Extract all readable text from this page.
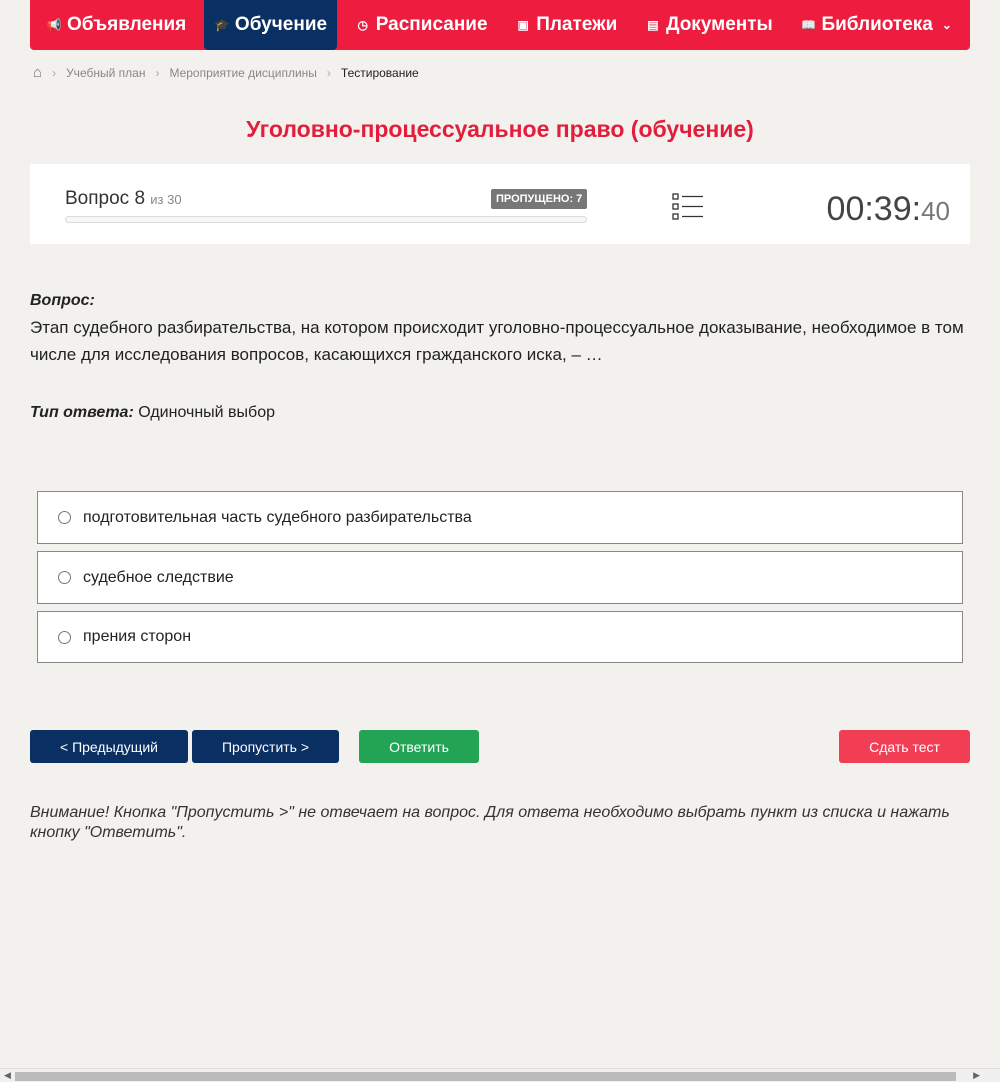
📢 Объявления 🎓 Обучение	◷ Расписание ▣ Платежи ▤ Документы 📖 Библиотека ⌄
⌂ › Учебный план › Мероприятие дисциплины › Тестирование
Уголовно-процессуальное право (обучение)
Вопрос 8 из 30	ПРОПУЩЕНО: 7	00:39:40
Вопрос:
Этап судебного разбирательства, на котором происходит уголовно-процессуальное доказывание, необходимое в том числе для исследования вопросов, касающихся гражданского иска, – …
Тип ответа: Одиночный выбор
подготовительная часть судебного разбирательства
судебное следствие
прения сторон
< Предыдущий	Пропустить >	Ответить	Сдать тест
Внимание! Кнопка "Пропустить >" не отвечает на вопрос. Для ответа необходимо выбрать пункт из списка и нажать кнопку "Ответить".
◀	▶
